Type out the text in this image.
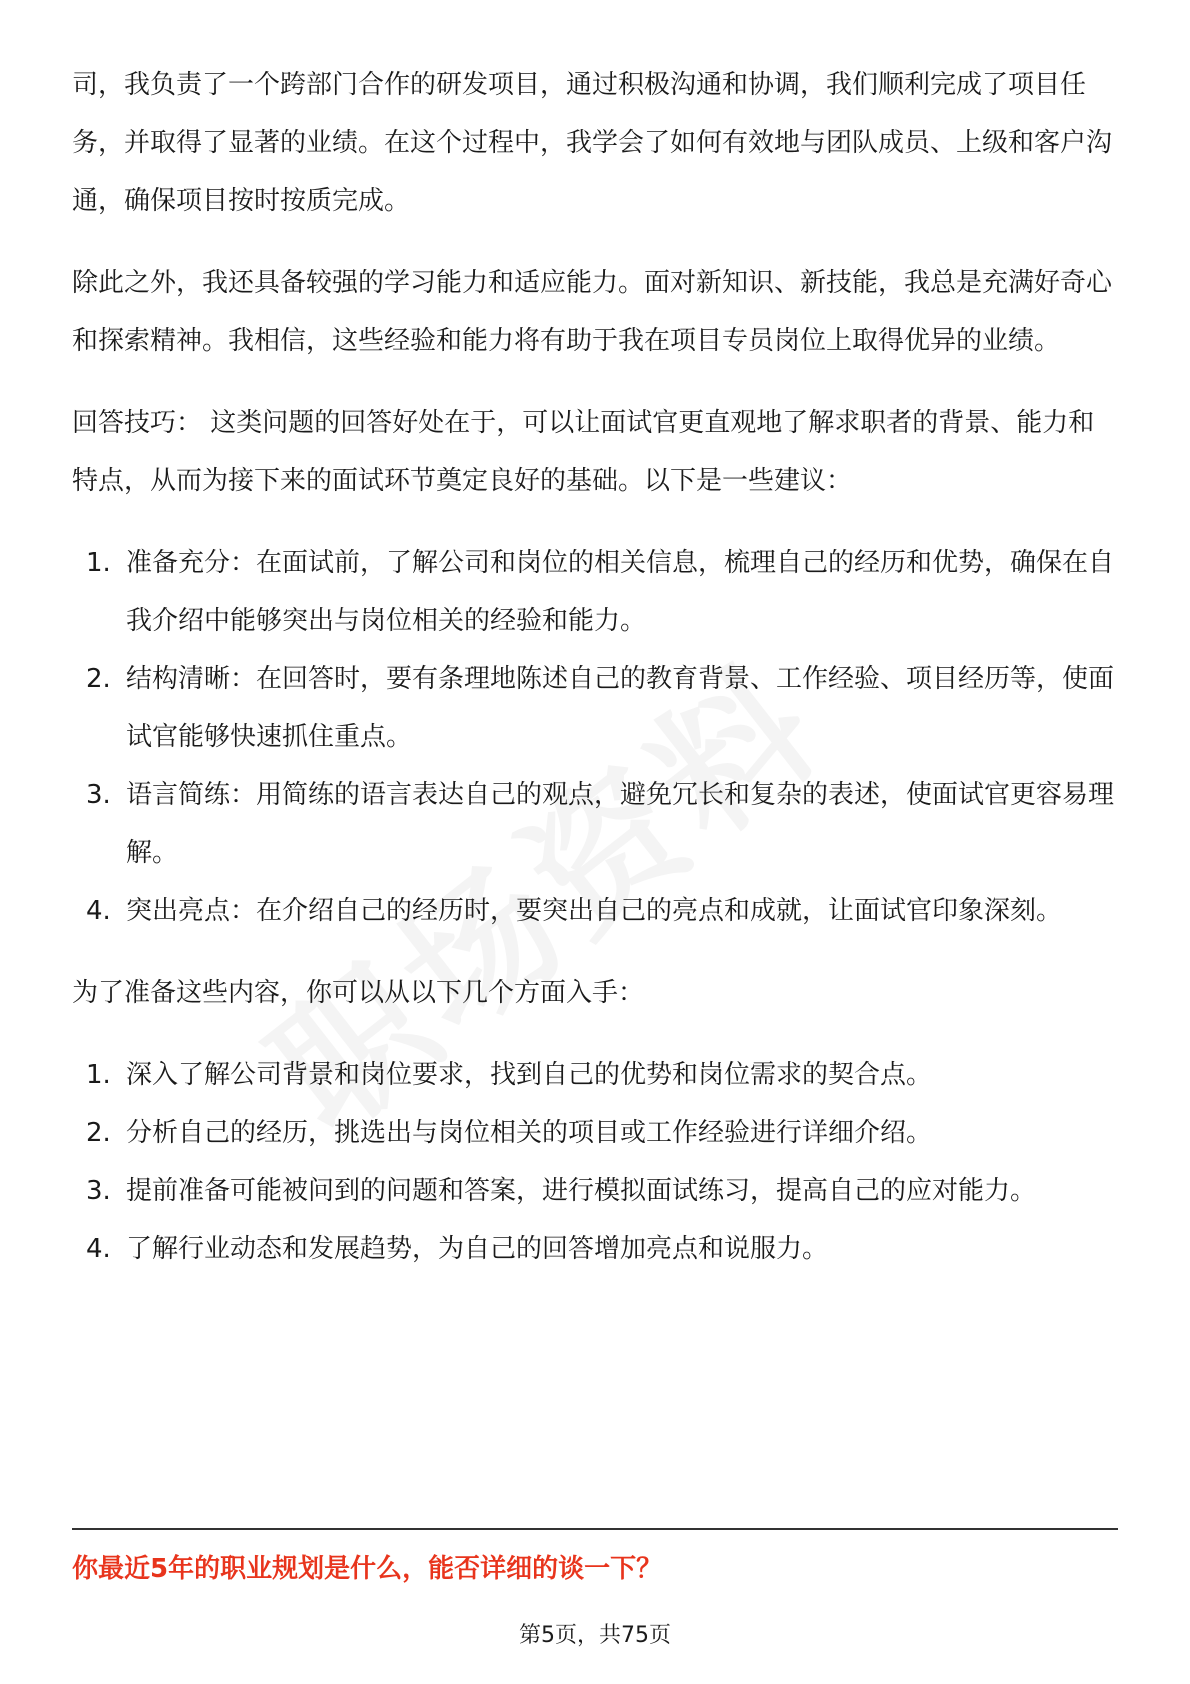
司，我负责了一个跨部门合作的研发项目，通过积极沟通和协调，我们顺利完成了项目任务，并取得了显著的业绩。在这个过程中，我学会了如何有效地与团队成员、上级和客户沟通，确保项目按时按质完成。

除此之外，我还具备较强的学习能力和适应能力。面对新知识、新技能，我总是充满好奇心和探索精神。我相信，这些经验和能力将有助于我在项目专员岗位上取得优异的业绩。

回答技巧： 这类问题的回答好处在于，可以让面试官更直观地了解求职者的背景、能力和特点，从而为接下来的面试环节奠定良好的基础。以下是一些建议：

1. 准备充分：在面试前，了解公司和岗位的相关信息，梳理自己的经历和优势，确保在自我介绍中能够突出与岗位相关的经验和能力。
2. 结构清晰：在回答时，要有条理地陈述自己的教育背景、工作经验、项目经历等，使面试官能够快速抓住重点。
3. 语言简练：用简练的语言表达自己的观点，避免冗长和复杂的表述，使面试官更容易理解。
4. 突出亮点：在介绍自己的经历时，要突出自己的亮点和成就，让面试官印象深刻。

为了准备这些内容，你可以从以下几个方面入手：

1. 深入了解公司背景和岗位要求，找到自己的优势和岗位需求的契合点。
2. 分析自己的经历，挑选出与岗位相关的项目或工作经验进行详细介绍。
3. 提前准备可能被问到的问题和答案，进行模拟面试练习，提高自己的应对能力。
4. 了解行业动态和发展趋势，为自己的回答增加亮点和说服力。
你最近5年的职业规划是什么，能否详细的谈一下？
第5页，共75页
